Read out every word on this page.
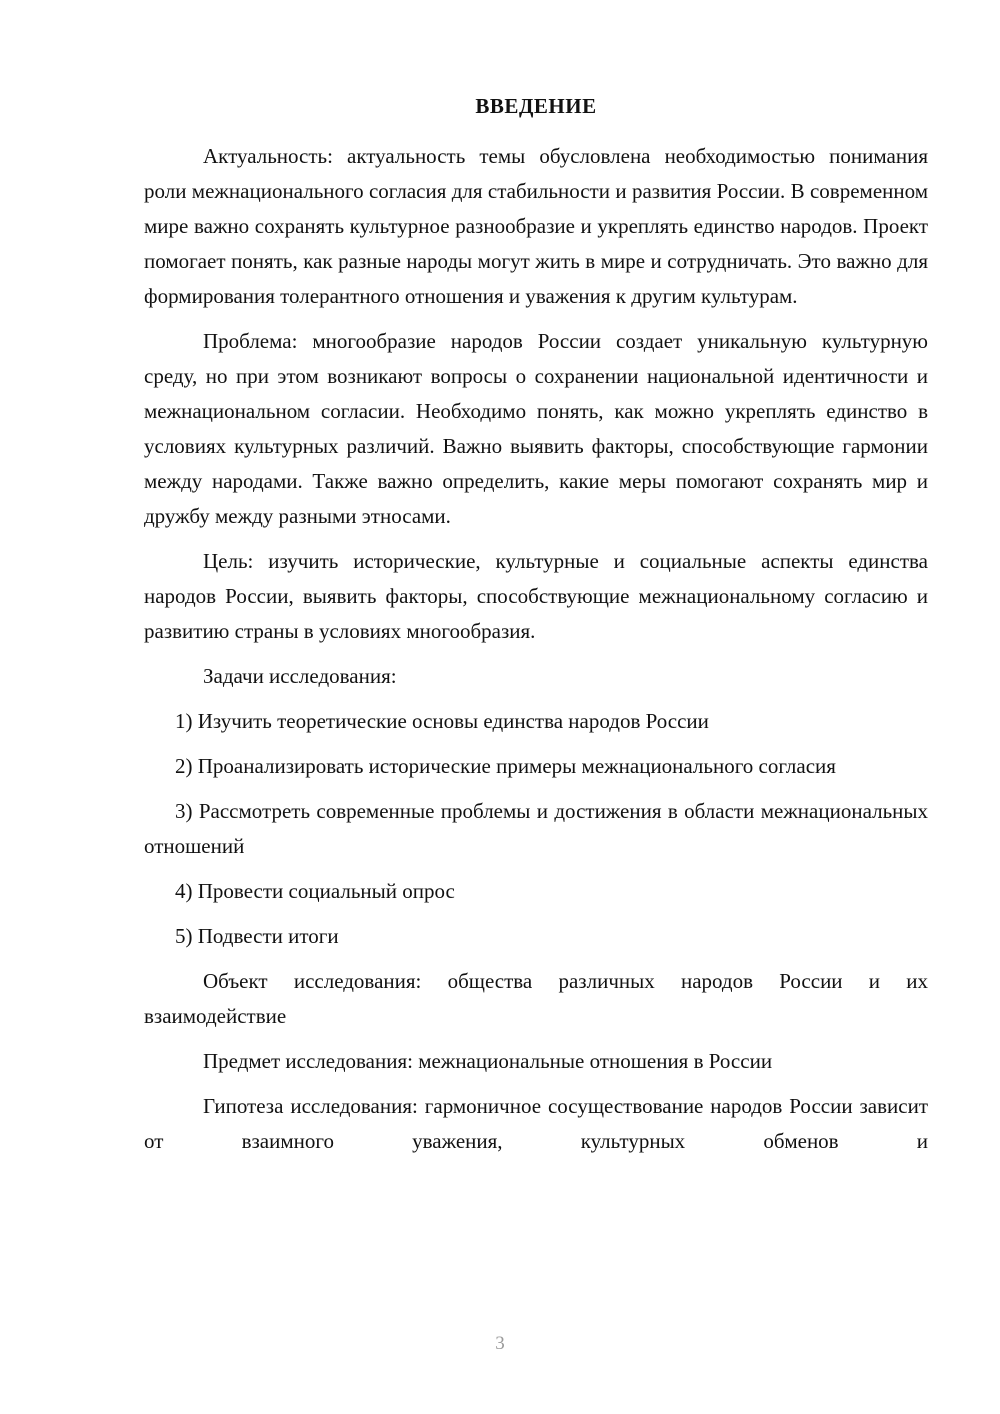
ВВЕДЕНИЕ

Актуальность: актуальность темы обусловлена необходимостью понимания роли межнационального согласия для стабильности и развития России. В современном мире важно сохранять культурное разнообразие и укреплять единство народов. Проект помогает понять, как разные народы могут жить в мире и сотрудничать. Это важно для формирования толерантного отношения и уважения к другим культурам.

Проблема: многообразие народов России создает уникальную культурную среду, но при этом возникают вопросы о сохранении национальной идентичности и межнациональном согласии. Необходимо понять, как можно укреплять единство в условиях культурных различий. Важно выявить факторы, способствующие гармонии между народами. Также важно определить, какие меры помогают сохранять мир и дружбу между разными этносами.

Цель: изучить исторические, культурные и социальные аспекты единства народов России, выявить факторы, способствующие межнациональному согласию и развитию страны в условиях многообразия.

Задачи исследования:

1) Изучить теоретические основы единства народов России

2) Проанализировать исторические примеры межнационального согласия

3) Рассмотреть современные проблемы и достижения в области межнациональных отношений

4) Провести социальный опрос

5) Подвести итоги

Объект исследования: общества различных народов России и их взаимодействие

Предмет исследования: межнациональные отношения в России

Гипотеза исследования: гармоничное сосуществование народов России зависит от взаимного уважения, культурных обменов и

3
